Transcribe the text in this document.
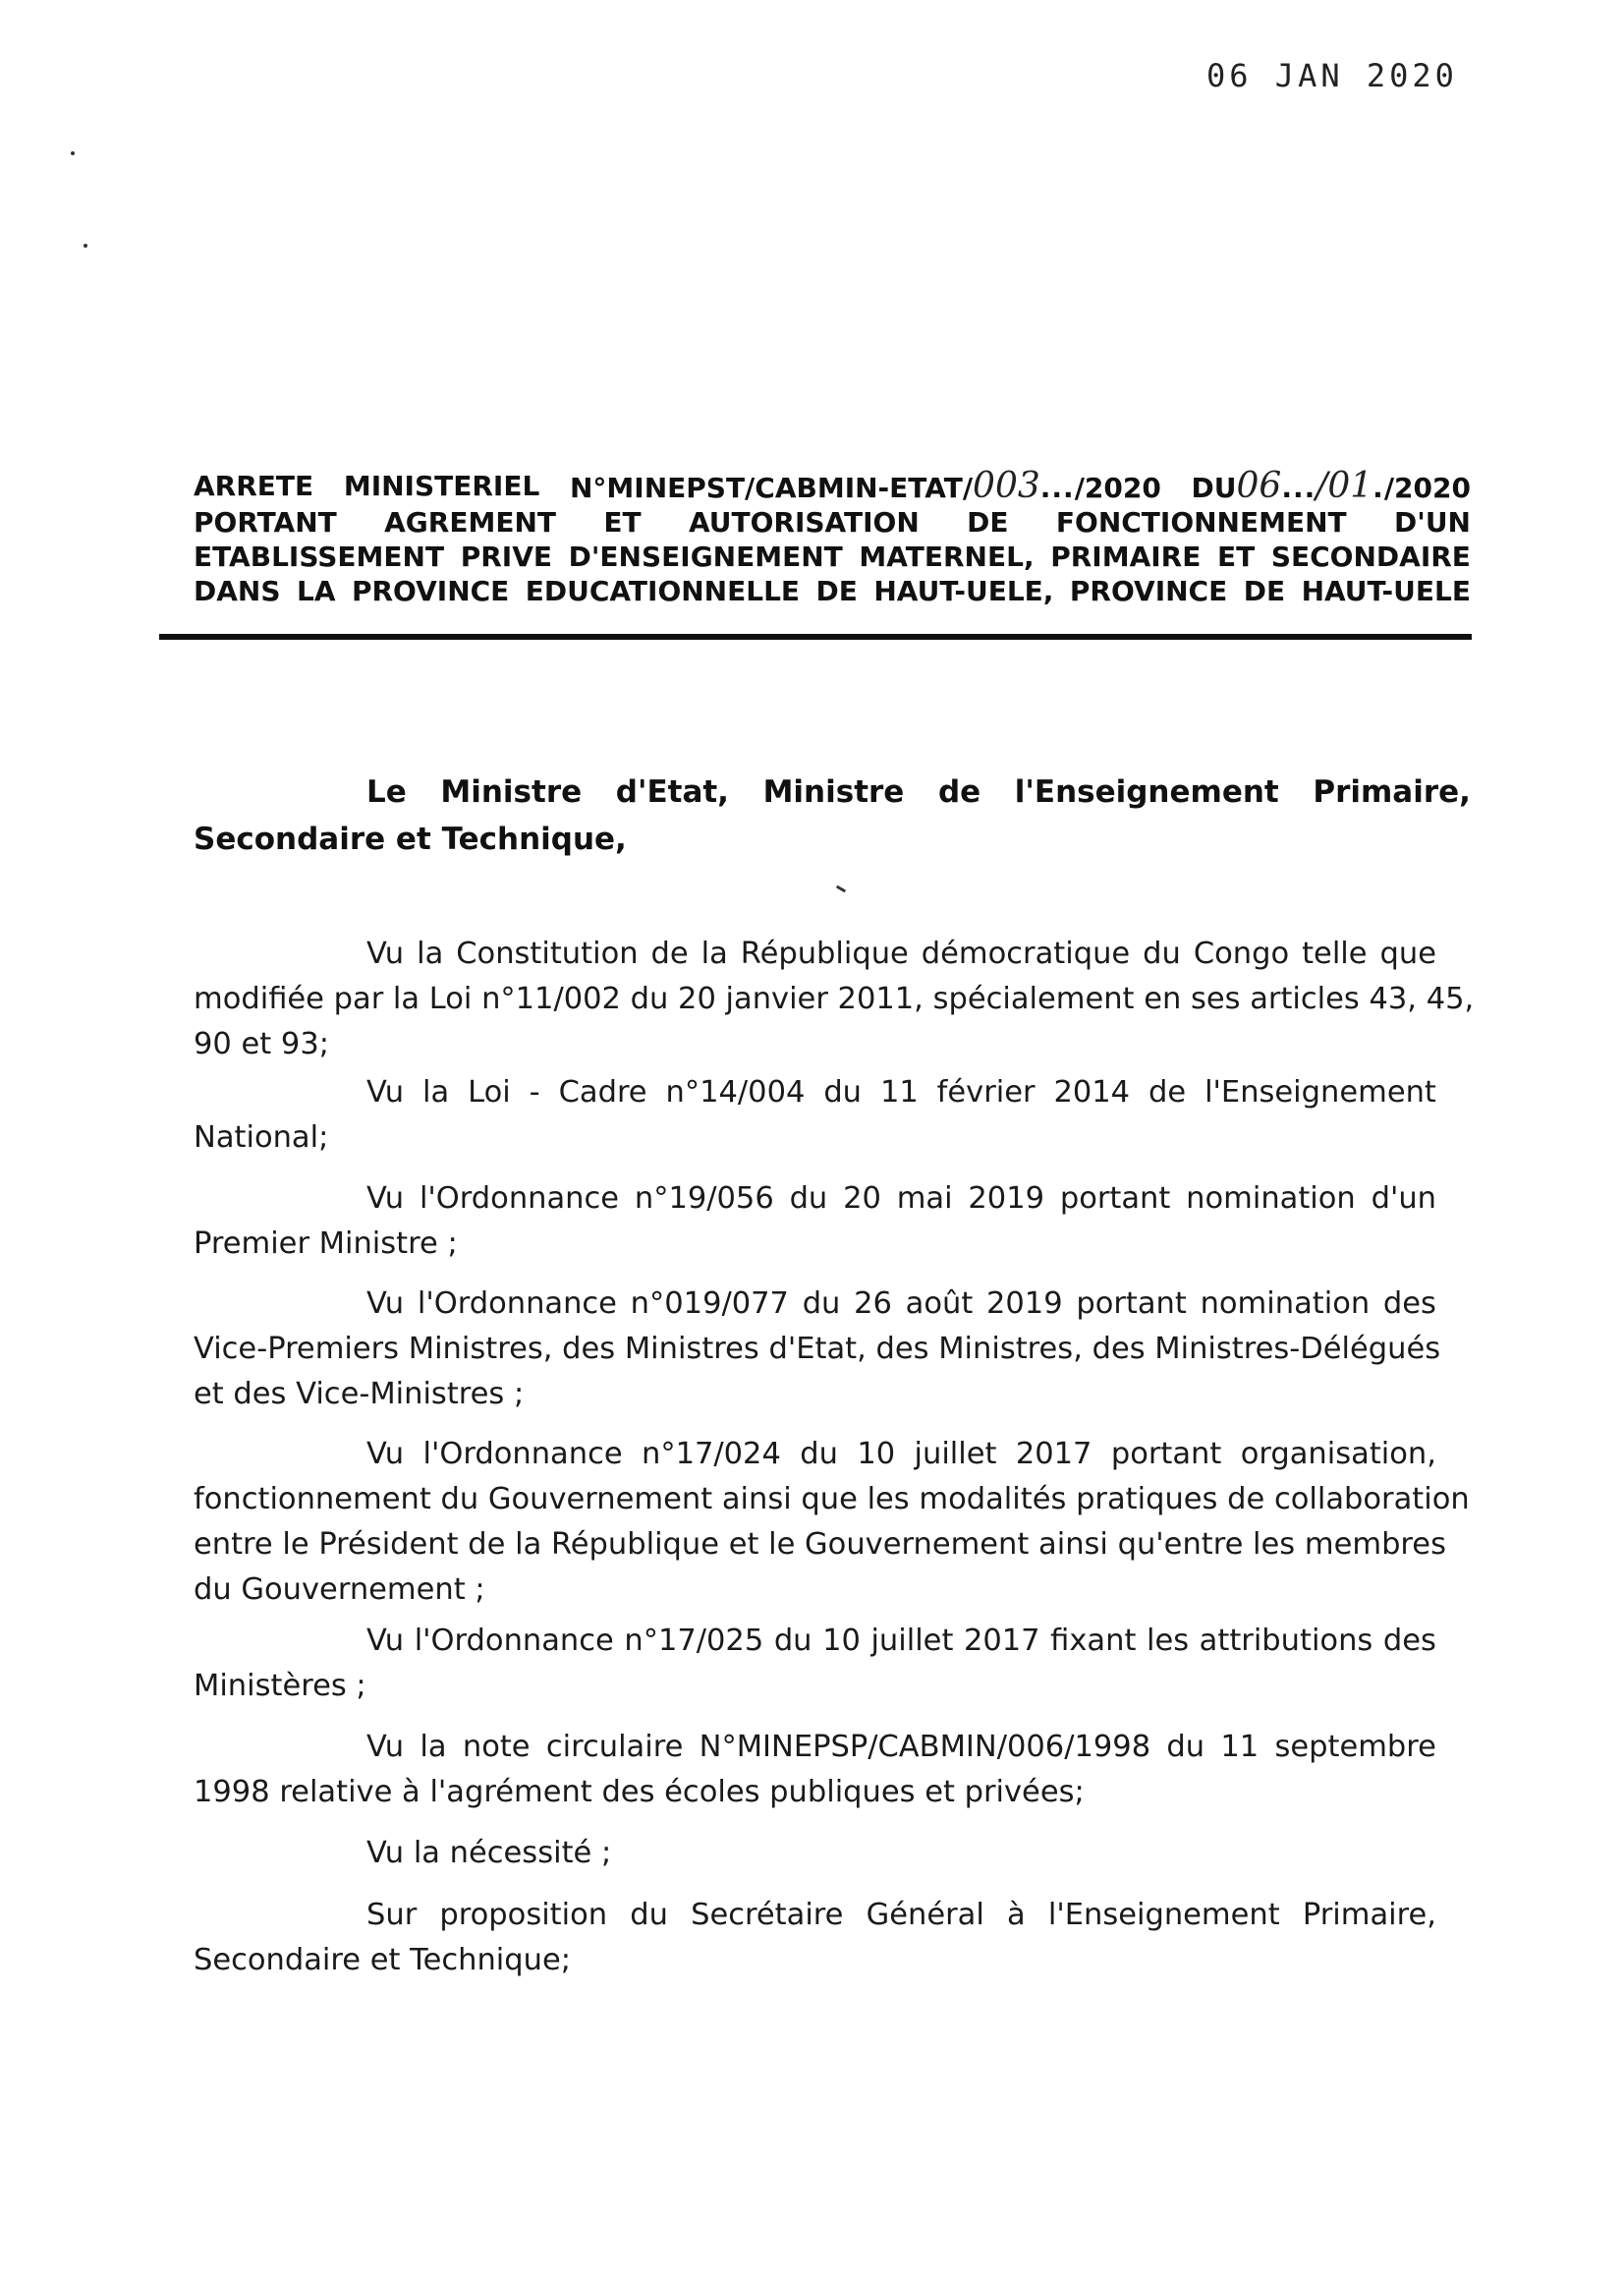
06 JAN 2020
ARRETE MINISTERIEL N°MINEPST/CABMIN-ETAT/003.../2020 DU06.../01./2020
PORTANT AGREMENT ET AUTORISATION DE FONCTIONNEMENT D'UN
ETABLISSEMENT PRIVE D'ENSEIGNEMENT MATERNEL, PRIMAIRE ET SECONDAIRE
DANS LA PROVINCE EDUCATIONNELLE DE HAUT-UELE, PROVINCE DE HAUT-UELE
Le Ministre d'Etat, Ministre de l'Enseignement Primaire,
Secondaire et Technique,
Vu la Constitution de la République démocratique du Congo telle que
modifiée par la Loi n°11/002 du 20 janvier 2011, spécialement en ses articles 43, 45,
90 et 93;
Vu la Loi - Cadre n°14/004 du 11 février 2014 de l'Enseignement
National;
Vu l'Ordonnance n°19/056 du 20 mai 2019 portant nomination d'un
Premier Ministre ;
Vu l'Ordonnance n°019/077 du 26 août 2019 portant nomination des
Vice-Premiers Ministres, des Ministres d'Etat, des Ministres, des Ministres-Délégués
et des Vice-Ministres ;
Vu l'Ordonnance n°17/024 du 10 juillet 2017 portant organisation,
fonctionnement du Gouvernement ainsi que les modalités pratiques de collaboration
entre le Président de la République et le Gouvernement ainsi qu'entre les membres
du Gouvernement ;
Vu l'Ordonnance n°17/025 du 10 juillet 2017 fixant les attributions des
Ministères ;
Vu la note circulaire N°MINEPSP/CABMIN/006/1998 du 11 septembre
1998 relative à l'agrément des écoles publiques et privées;
Vu la nécessité ;
Sur proposition du Secrétaire Général à l'Enseignement Primaire,
Secondaire et Technique;
